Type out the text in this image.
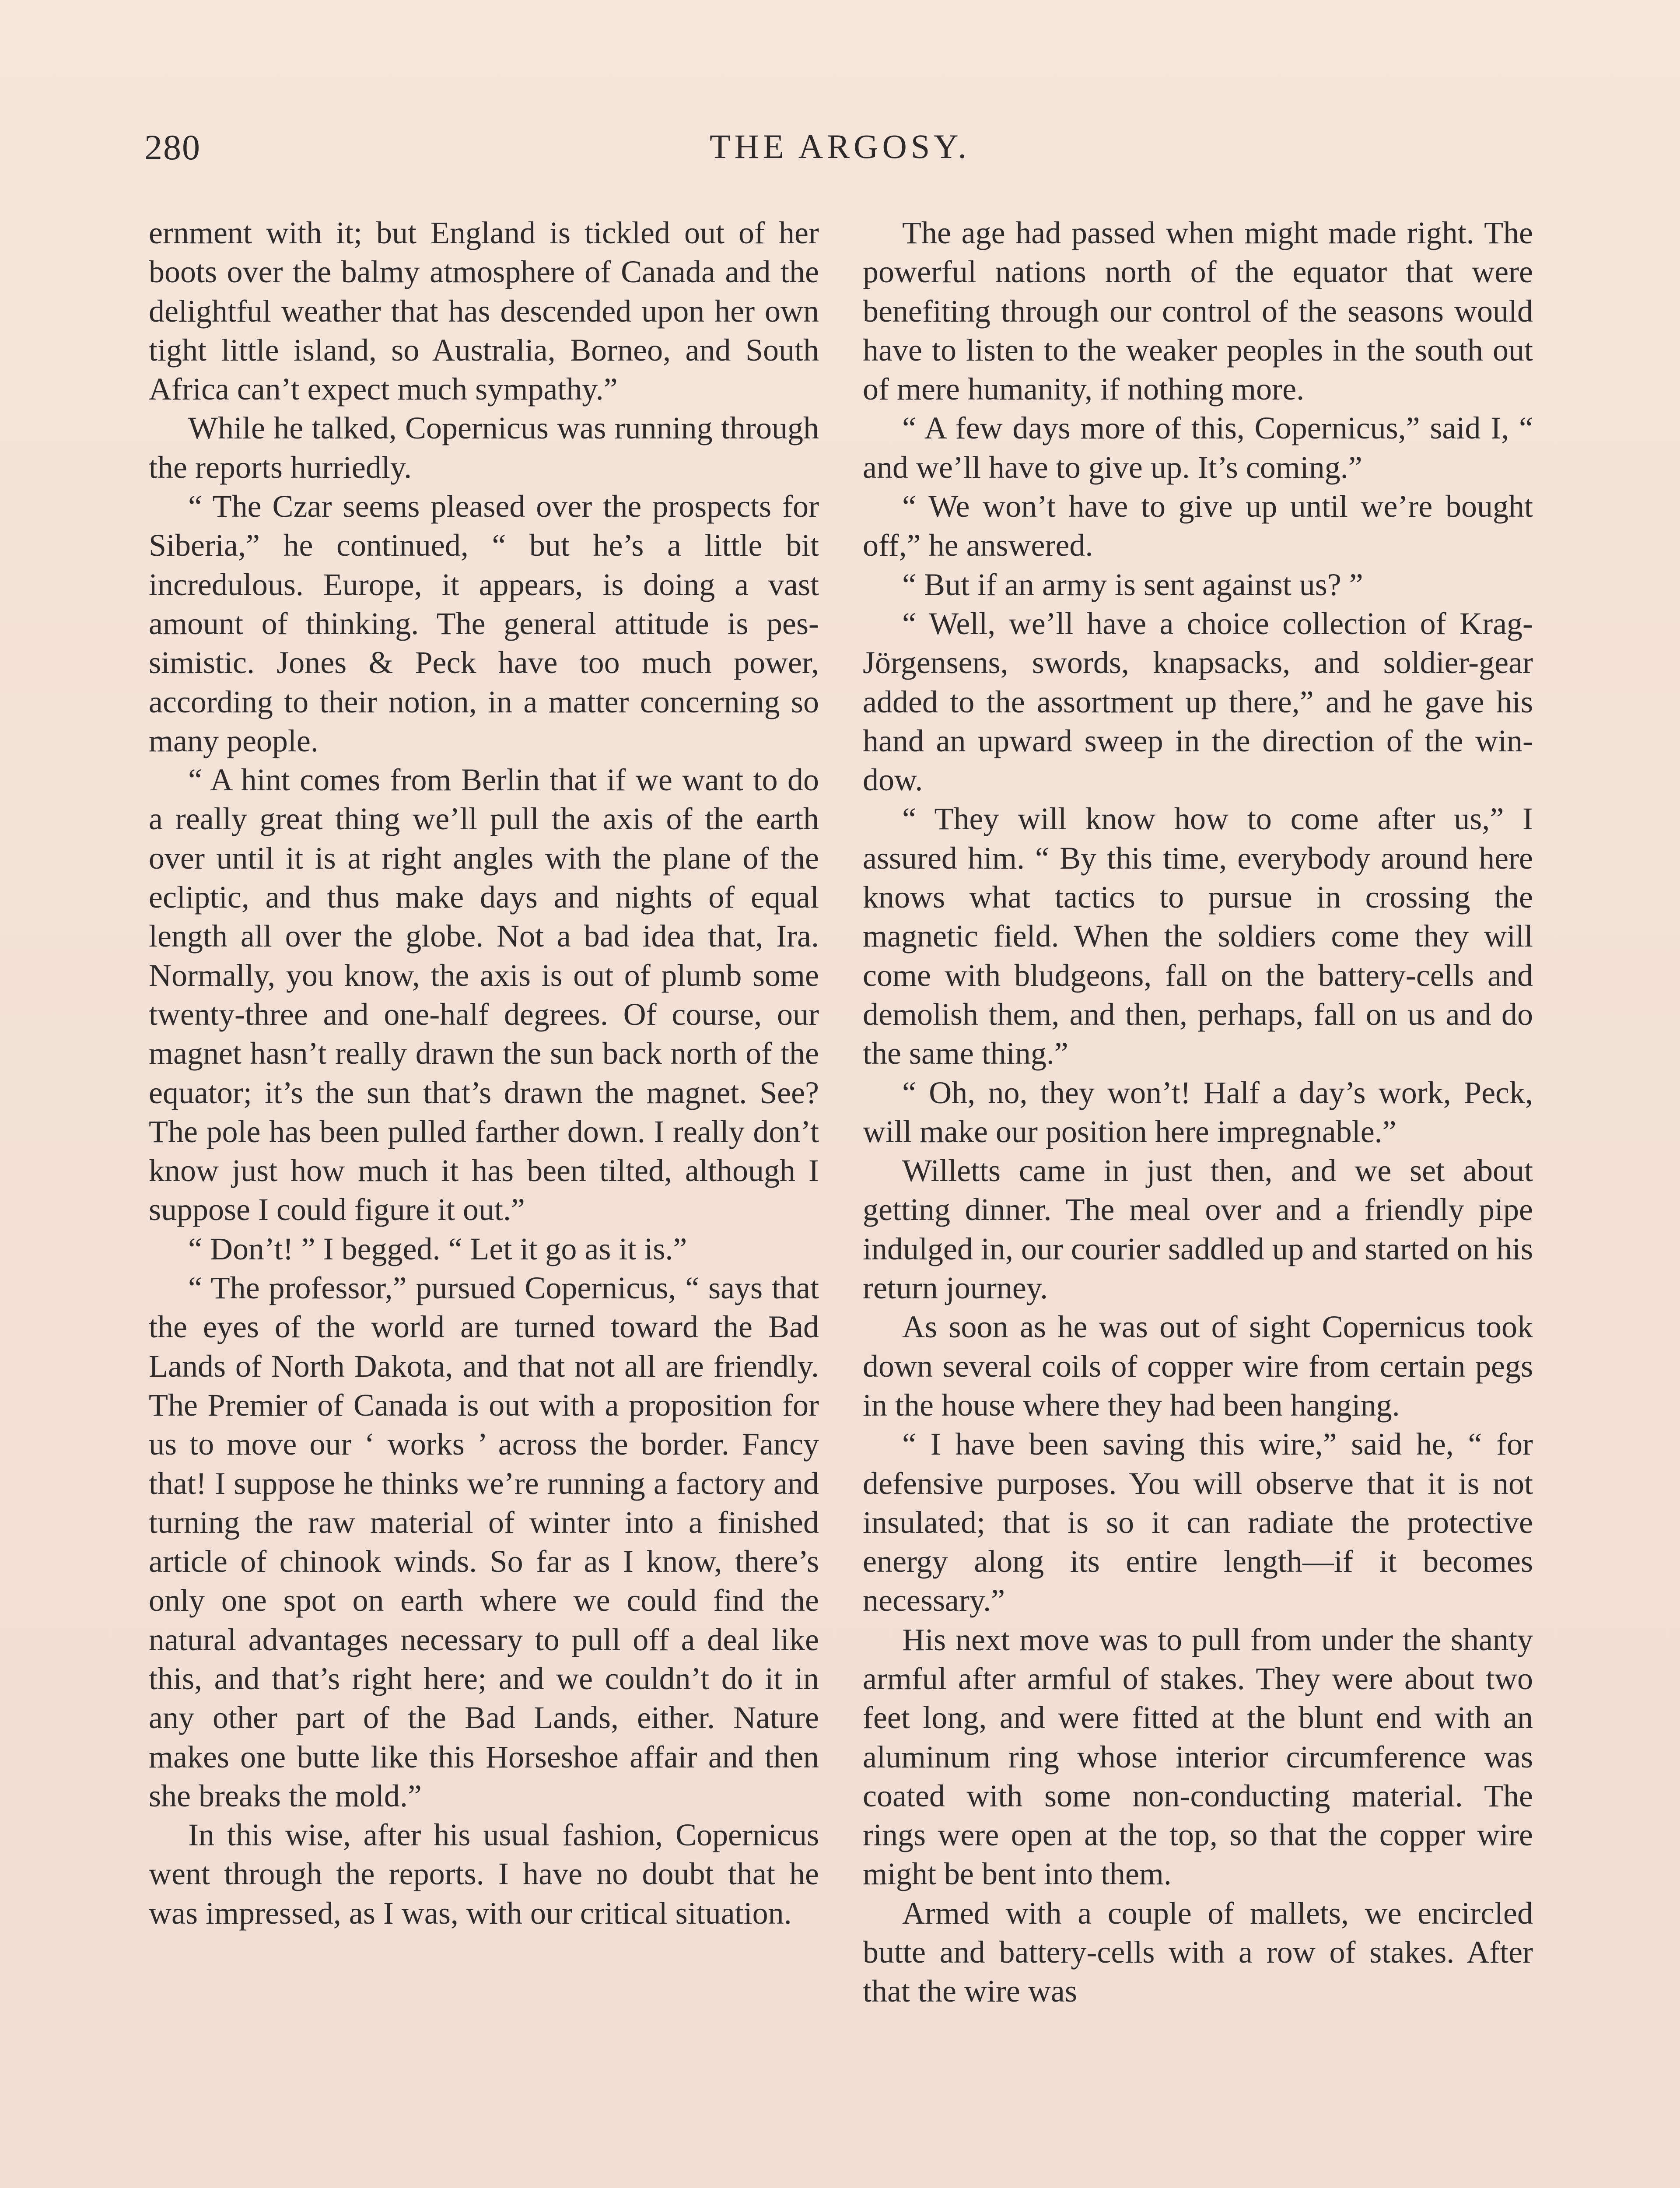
280	THE ARGOSY.

ernment with it; but England is tickled out of her boots over the balmy atmosphere of Canada and the delightful weather that has descended upon her own tight little island, so Australia, Borneo, and South Africa can’t expect much sympathy.”

While he talked, Copernicus was running through the reports hurriedly.

“ The Czar seems pleased over the prospects for Siberia,” he continued, “ but he’s a little bit incredulous. Europe, it appears, is doing a vast amount of thinking. The general attitude is pessimistic. Jones & Peck have too much power, according to their notion, in a matter concerning so many people.

“ A hint comes from Berlin that if we want to do a really great thing we’ll pull the axis of the earth over until it is at right angles with the plane of the ecliptic, and thus make days and nights of equal length all over the globe. Not a bad idea that, Ira. Normally, you know, the axis is out of plumb some twenty-three and one-half degrees. Of course, our magnet hasn’t really drawn the sun back north of the equator; it’s the sun that’s drawn the magnet. See? The pole has been pulled farther down. I really don’t know just how much it has been tilted, although I suppose I could figure it out.”

“ Don’t! ” I begged. “ Let it go as it is.”

“ The professor,” pursued Copernicus, “ says that the eyes of the world are turned toward the Bad Lands of North Dakota, and that not all are friendly. The Premier of Canada is out with a proposition for us to move our ‘ works ’ across the border. Fancy that! I suppose he thinks we’re running a factory and turning the raw material of winter into a finished article of chinook winds. So far as I know, there’s only one spot on earth where we could find the natural advantages necessary to pull off a deal like this, and that’s right here; and we couldn’t do it in any other part of the Bad Lands, either. Nature makes one butte like this Horseshoe affair and then she breaks the mold.”

In this wise, after his usual fashion, Copernicus went through the reports. I have no doubt that he was impressed, as I was, with our critical situation.

The age had passed when might made right. The powerful nations north of the equator that were benefiting through our control of the seasons would have to listen to the weaker peoples in the south out of mere humanity, if nothing more.

“ A few days more of this, Copernicus,” said I, “ and we’ll have to give up. It’s coming.”

“ We won’t have to give up until we’re bought off,” he answered.

“ But if an army is sent against us? ”

“ Well, we’ll have a choice collection of Krag-Jörgensens, swords, knapsacks, and soldier-gear added to the assortment up there,” and he gave his hand an upward sweep in the direction of the window.

“ They will know how to come after us,” I assured him. “ By this time, everybody around here knows what tactics to pursue in crossing the magnetic field. When the soldiers come they will come with bludgeons, fall on the battery-cells and demolish them, and then, perhaps, fall on us and do the same thing.”

“ Oh, no, they won’t! Half a day’s work, Peck, will make our position here impregnable.”

Willetts came in just then, and we set about getting dinner. The meal over and a friendly pipe indulged in, our courier saddled up and started on his return journey.

As soon as he was out of sight Copernicus took down several coils of copper wire from certain pegs in the house where they had been hanging.

“ I have been saving this wire,” said he, “ for defensive purposes. You will observe that it is not insulated; that is so it can radiate the protective energy along its entire length—if it becomes necessary.”

His next move was to pull from under the shanty armful after armful of stakes. They were about two feet long, and were fitted at the blunt end with an aluminum ring whose interior circumference was coated with some non-conducting material. The rings were open at the top, so that the copper wire might be bent into them.

Armed with a couple of mallets, we encircled butte and battery-cells with a row of stakes. After that the wire was
